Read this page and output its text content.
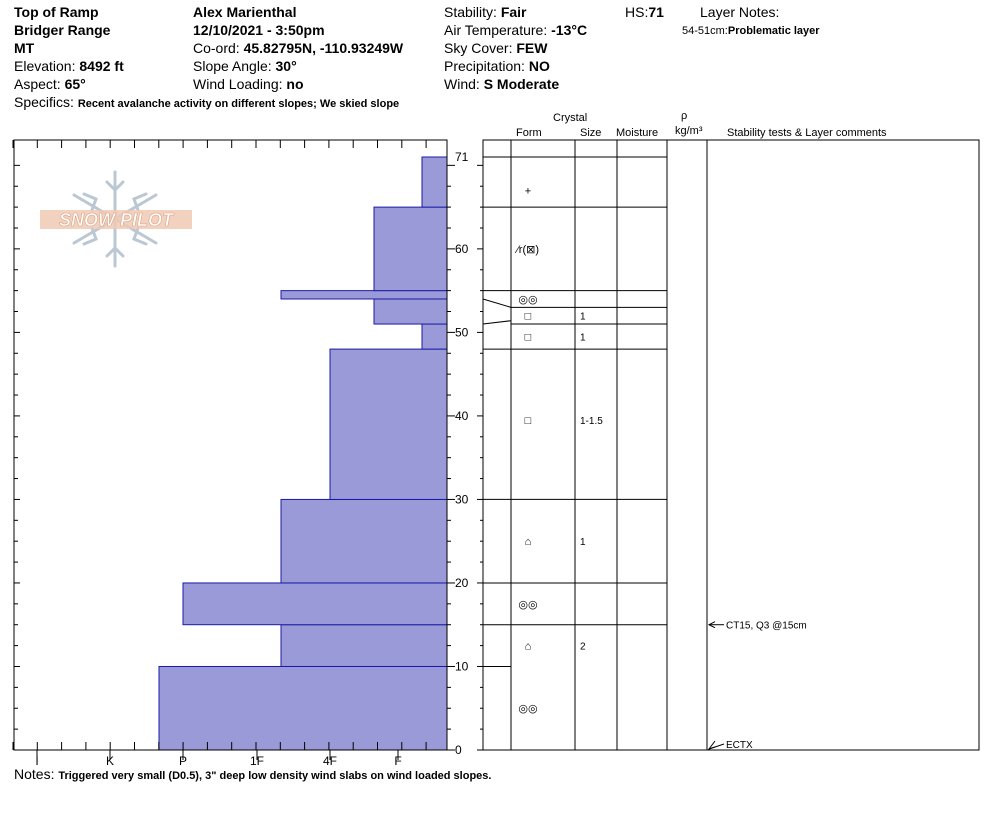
Top of Ramp
Bridger Range
MT
Elevation: 8492 ft
Aspect: 65°
Specifics: Recent avalanche activity on different slopes; We skied slope
Alex Marienthal
12/10/2021 - 3:50pm
Co-ord: 45.82795N, -110.93249W
Slope Angle: 30°
Wind Loading: no
Stability: Fair
Air Temperature: -13°C
Sky Cover: FEW
Precipitation: NO
Wind: S Moderate
HS:71	Layer Notes:
54-51cm:Problematic layer
Crystal
Form	Size Moisture
ρ
kg/m³ Stability tests & Layer comments
SNOW PILOT
I	K	P	1F	4F	F
0
10
20
30
40
50
60
71
+
⁄r(⊠)
◎◎
□	1
□	1
□	1-1.5
⌂	1
◎◎
⌂	2
◎◎
CT15, Q3 @15cm
ECTX
Notes: Triggered very small (D0.5), 3" deep low density wind slabs on wind loaded slopes.
